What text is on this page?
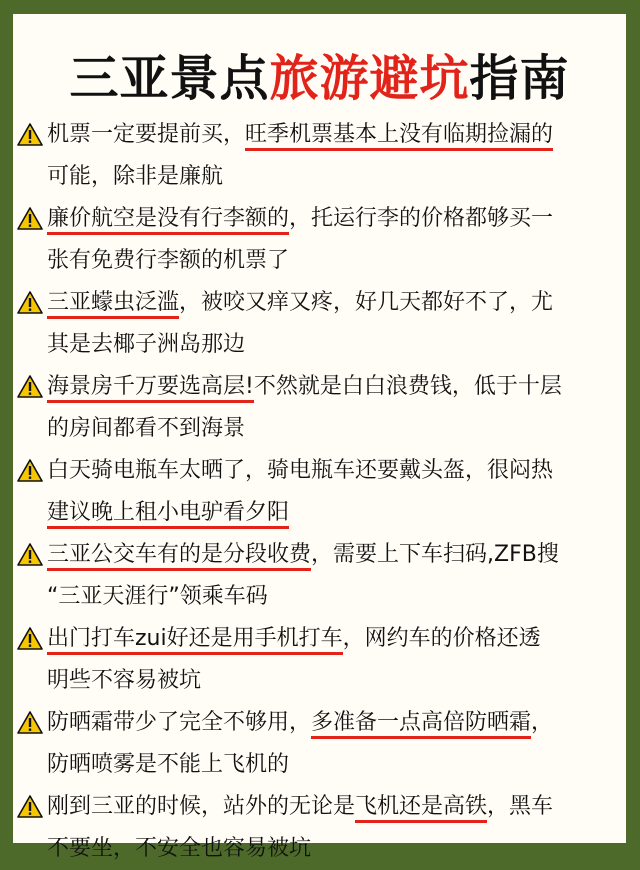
三亚景点旅游避坑指南
机票一定要提前买，旺季机票基本上没有临期捡漏的
可能，除非是廉航
廉价航空是没有行李额的，托运行李的价格都够买一
张有免费行李额的机票了
三亚蠓虫泛滥，被咬又痒又疼，好几天都好不了，尤
其是去椰子洲岛那边
海景房千万要选高层!不然就是白白浪费钱，低于十层
的房间都看不到海景
白天骑电瓶车太晒了，骑电瓶车还要戴头盔，很闷热
建议晚上租小电驴看夕阳
三亚公交车有的是分段收费，需要上下车扫码,ZFB搜
“三亚天涯行”领乘车码
出门打车zui好还是用手机打车，网约车的价格还透
明些不容易被坑
防晒霜带少了完全不够用，多准备一点高倍防晒霜，
防晒喷雾是不能上飞机的
刚到三亚的时候，站外的无论是飞机还是高铁，黑车
不要坐，不安全也容易被坑
